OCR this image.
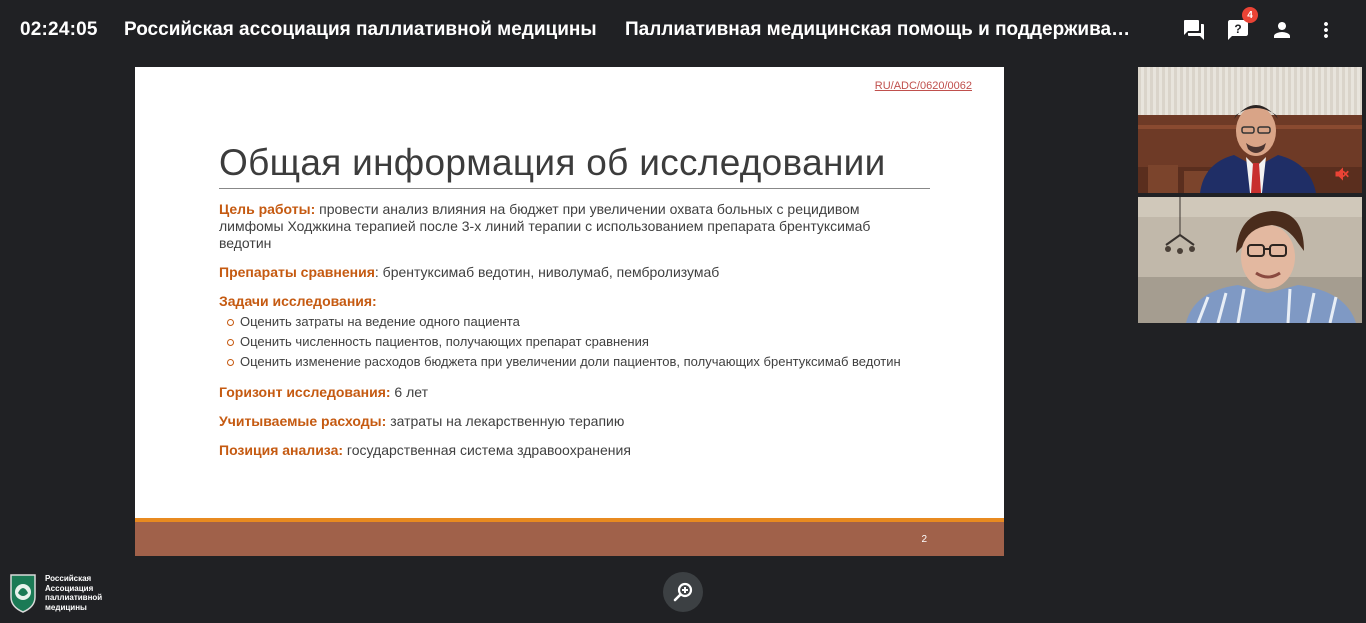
02:24:05 Российская ассоциация паллиативной медицины Паллиативная медицинская помощь и поддержива…	?
4
RU/ADC/0620/0062
Общая информация об исследовании

Цель работы: провести анализ влияния на бюджет при увеличении охвата больных с рецидивом лимфомы Ходжкина терапией после 3-х линий терапии с использованием препарата брентуксимаб ведотин

Препараты сравнения: брентуксимаб ведотин, ниволумаб, пембролизумаб

Задачи исследования:

Оценить затраты на ведение одного пациента
Оценить численность пациентов, получающих препарат сравнения
Оценить изменение расходов бюджета при увеличении доли пациентов, получающих брентуксимаб ведотин

Горизонт исследования: 6 лет

Учитываемые расходы: затраты на лекарственную терапию

Позиция анализа: государственная система здравоохранения

2
Российская Ассоциация паллиативной медицины
